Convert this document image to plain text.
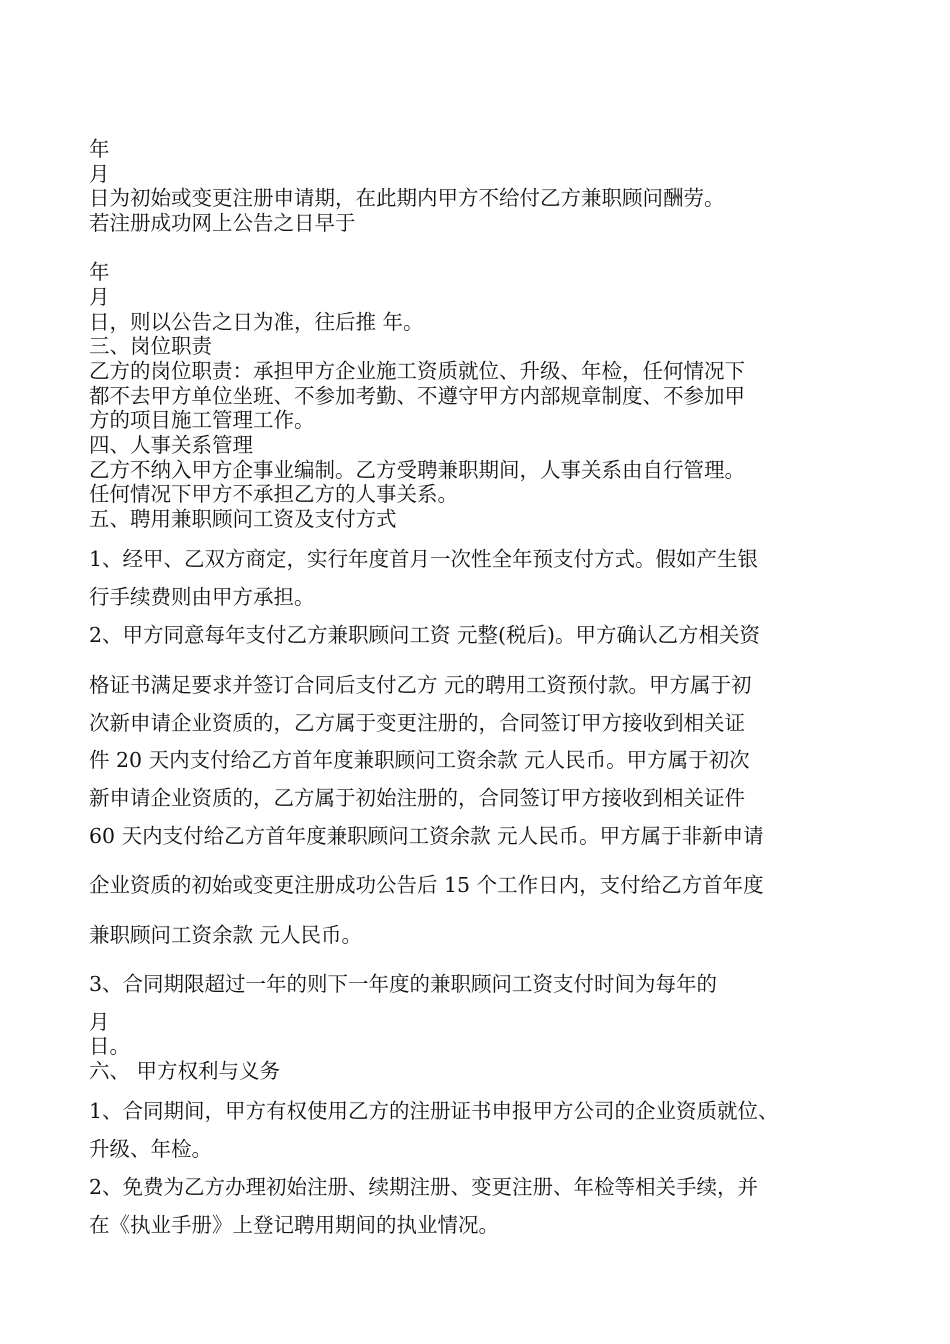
年
月
日为初始或变更注册申请期，在此期内甲方不给付乙方兼职顾问酬劳。
若注册成功网上公告之日早于
年
月
日，则以公告之日为准，往后推 年。
三、岗位职责
乙方的岗位职责：承担甲方企业施工资质就位、升级、年检，任何情况下
都不去甲方单位坐班、不参加考勤、不遵守甲方内部规章制度、不参加甲
方的项目施工管理工作。
四、人事关系管理
乙方不纳入甲方企事业编制。乙方受聘兼职期间，人事关系由自行管理。
任何情况下甲方不承担乙方的人事关系。
五、聘用兼职顾问工资及支付方式
1、经甲、乙双方商定，实行年度首月一次性全年预支付方式。假如产生银
行手续费则由甲方承担。
2、甲方同意每年支付乙方兼职顾问工资 元整(税后)。甲方确认乙方相关资
格证书满足要求并签订合同后支付乙方 元的聘用工资预付款。甲方属于初
次新申请企业资质的，乙方属于变更注册的，合同签订甲方接收到相关证
件 20 天内支付给乙方首年度兼职顾问工资余款 元人民币。甲方属于初次
新申请企业资质的，乙方属于初始注册的，合同签订甲方接收到相关证件
60 天内支付给乙方首年度兼职顾问工资余款 元人民币。甲方属于非新申请
企业资质的初始或变更注册成功公告后 15 个工作日内，支付给乙方首年度
兼职顾问工资余款 元人民币。
3、合同期限超过一年的则下一年度的兼职顾问工资支付时间为每年的
月
日。
六、 甲方权利与义务
1、合同期间，甲方有权使用乙方的注册证书申报甲方公司的企业资质就位、
升级、年检。
2、免费为乙方办理初始注册、续期注册、变更注册、年检等相关手续，并
在《执业手册》上登记聘用期间的执业情况。
